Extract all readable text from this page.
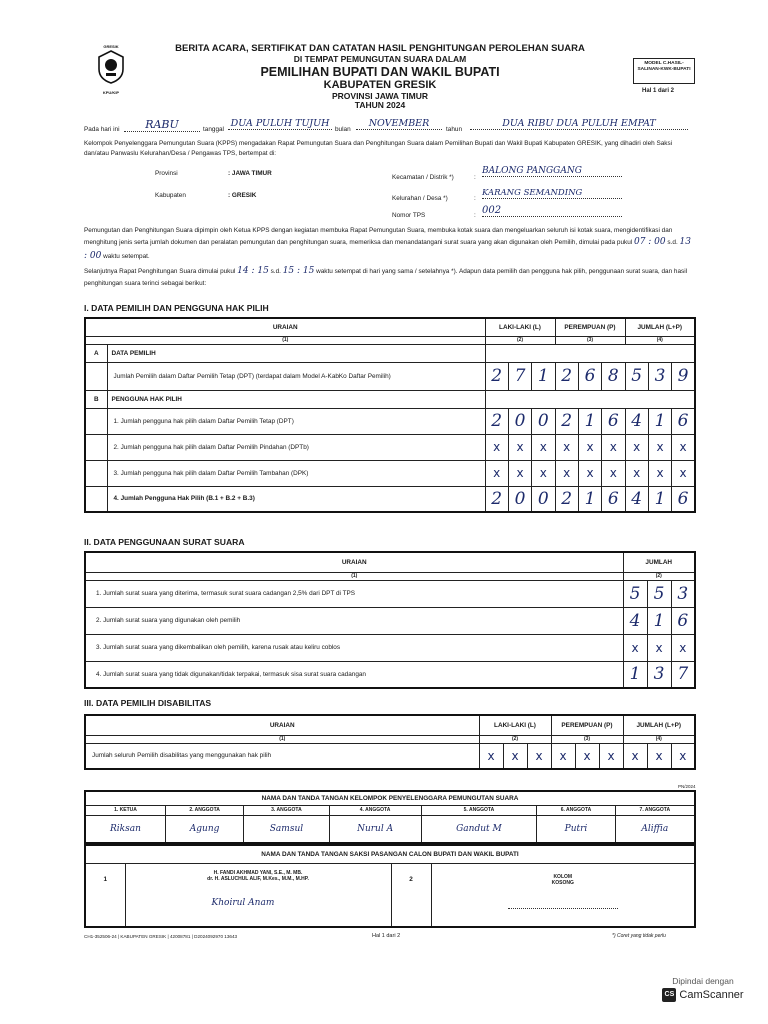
GRESIK
KPU/KIP
BERITA ACARA, SERTIFIKAT DAN CATATAN HASIL PENGHITUNGAN PEROLEHAN SUARA
DI TEMPAT PEMUNGUTAN SUARA DALAM
PEMILIHAN BUPATI DAN WAKIL BUPATI
KABUPATEN GRESIK
PROVINSI JAWA TIMUR
TAHUN 2024
MODEL C.HASIL-SALINAN-KWK-BUPATI
Hal 1 dari 2
Pada hari ini	RABU	tanggal
DUA PULUH TUJUH
bulan
NOVEMBER
tahun
DUA RIBU DUA PULUH EMPAT
Kelompok Penyelenggara Pemungutan Suara (KPPS) mengadakan Rapat Pemungutan Suara dan Penghitungan Suara dalam Pemilihan Bupati dan Wakil Bupati Kabupaten GRESIK, yang dihadiri oleh Saksi dan/atau Panwaslu Kelurahan/Desa / Pengawas TPS, bertempat di:
Provinsi	: JAWA TIMUR
Kabupaten	: GRESIK
Kecamatan / Distrik *)	:
BALONG PANGGANG
Kelurahan / Desa *)	:
KARANG SEMANDING
Nomor TPS	: 002
Pemungutan dan Penghitungan Suara dipimpin oleh Ketua KPPS dengan kegiatan membuka Rapat Pemungutan Suara, membuka kotak suara dan mengeluarkan seluruh isi kotak suara, mengidentifikasi dan menghitung jenis serta jumlah dokumen dan peralatan pemungutan dan penghitungan suara, memeriksa dan menandatangani surat suara yang akan digunakan oleh Pemilih, dimulai pada pukul 07 : 00 s.d. 13 : 00 waktu setempat.
Selanjutnya Rapat Penghitungan Suara dimulai pukul 14 : 15 s.d. 15 : 15 waktu setempat di hari yang sama / setelahnya *). Adapun data pemilih dan pengguna hak pilih, penggunaan surat suara, dan hasil penghitungan suara terinci sebagai berikut:
I. DATA PEMILIH DAN PENGGUNA HAK PILIH
URAIAN		LAKI-LAKI (L)			PEREMPUAN (P)			JUMLAH (L+P)		
(1)		(2)			(3)			(4)		
A	DATA PEMILIH									
	Jumlah Pemilih dalam Daftar Pemilih Tetap (DPT) (terdapat dalam Model A-KabKo Daftar Pemilih)	2	7	1	2	6	8	5	3	9
B	PENGGUNA HAK PILIH									
	1. Jumlah pengguna hak pilih dalam Daftar Pemilih Tetap (DPT)	2	0	0	2	1	6	4	1	6
	2. Jumlah pengguna hak pilih dalam Daftar Pemilih Pindahan (DPTb)	x	x	x	x	x	x	x	x	x
	3. Jumlah pengguna hak pilih dalam Daftar Pemilih Tambahan (DPK)	x	x	x	x	x	x	x	x	x
	4. Jumlah Pengguna Hak Pilih (B.1 + B.2 + B.3)	2	0	0	2	1	6	4	1	6
II. DATA PENGGUNAAN SURAT SUARA
URAIAN	JUMLAH		
(1)	(2)		
1. Jumlah surat suara yang diterima, termasuk surat suara cadangan 2,5% dari DPT di TPS	5	5	3
2. Jumlah surat suara yang digunakan oleh pemilih	4	1	6
3. Jumlah surat suara yang dikembalikan oleh pemilih, karena rusak atau keliru coblos	x	x	x
4. Jumlah surat suara yang tidak digunakan/tidak terpakai, termasuk sisa surat suara cadangan	1	3	7
III. DATA PEMILIH DISABILITAS
URAIAN	LAKI-LAKI (L)			PEREMPUAN (P)			JUMLAH (L+P)		
(1)	(2)			(3)			(4)		
Jumlah seluruh Pemilih disabilitas yang menggunakan hak pilih	x	x	x	x	x	x	x	x	x
PN/2024
NAMA DAN TANDA TANGAN KELOMPOK PENYELENGGARA PEMUNGUTAN SUARA						
1. KETUA	2. ANGGOTA	3. ANGGOTA	4. ANGGOTA	5. ANGGOTA	6. ANGGOTA	7. ANGGOTA
Riksan	Agung	Samsul	Nurul A	Gandut M	Putri	Aliffia
NAMA DAN TANDA TANGAN SAKSI PASANGAN CALON BUPATI DAN WAKIL BUPATI
1	
H. FANDI AKHMAD YANI, S.E., M. MB.
dr. H. ASLUCHUL ALIF, M.Kes., M.M., M.HP.
Khoirul Anam
	2	KOLOM
KOSONG
CH1-352506-24 | KABUPATEN GRESIK | 42008781 | D2024092970 13643	Hal 1 dari 2	*) Coret yang tidak perlu
Dipindai dengan
CS CamScanner
